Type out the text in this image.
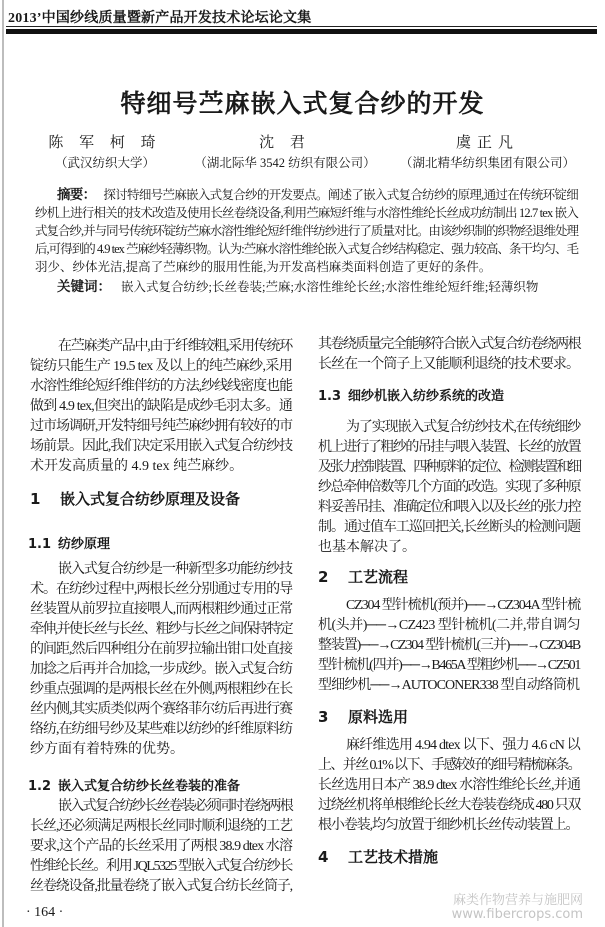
2013’中国纱线质量暨新产品开发技术论坛论文集
特细号苎麻嵌入式复合纱的开发
陈 军 柯 琦	沈 君	虞正凡
（武汉纺织大学）	（湖北际华 3542 纺织有限公司）	（湖北精华纺织集团有限公司）
摘要： 探讨特细号苎麻嵌入式复合纱的开发要点。阐述了嵌入式复合纺纱的原理,通过在传统环锭细
纱机上进行相关的技术改造及使用长丝卷绕设备,利用苎麻短纤维与水溶性维纶长丝成功纺制出 12.7 tex 嵌入
式复合纱,并与同号传统环锭纺苎麻水溶性维纶短纤维伴纺纱进行了质量对比。由该纱织制的织物经退维处理
后,可得到的 4.9 tex 苎麻纱轻薄织物。认为:苎麻水溶性维纶嵌入式复合纱结构稳定、强力较高、条干均匀、毛
羽少、纱体光洁,提高了苎麻纱的服用性能,为开发高档麻类面料创造了更好的条件。
关键词： 嵌入式复合纺纱;长丝卷装;苎麻;水溶性维纶长丝;水溶性维纶短纤维;轻薄织物
在苎麻类产品中,由于纤维较粗,采用传统环
锭纺只能生产 19.5 tex 及以上的纯苎麻纱,采用
水溶性维纶短纤维伴纺的方法,纱线线密度也能
做到 4.9 tex,但突出的缺陷是成纱毛羽太多。通
过市场调研,开发特细号纯苎麻纱拥有较好的市
场前景。因此,我们决定采用嵌入式复合纺纱技
术开发高质量的 4.9 tex 纯苎麻纱。
1 嵌入式复合纺纱原理及设备
1.1 纺纱原理
嵌入式复合纺纱是一种新型多功能纺纱技
术。在纺纱过程中,两根长丝分别通过专用的导
丝装置从前罗拉直接喂人,而两根粗纱通过正常
牵伸,并使长丝与长丝、粗纱与长丝之间保持特定
的间距,然后四种组分在前罗拉输出钳口处直接
加捻之后再并合加捻,一步成纱。嵌入式复合纺
纱重点强调的是两根长丝在外侧,两根粗纱在长
丝内侧,其实质类似两个赛络菲尔纺后再进行赛
络纺,在纺细号纱及某些难以纺纱的纤维原料纺
纱方面有着特殊的优势。
1.2 嵌入式复合纺纱长丝卷装的准备
嵌入式复合纺纱长丝卷装必须同时卷绕两根
长丝,还必须满足两根长丝同时顺利退绕的工艺
要求,这个产品的长丝采用了两根 38.9 dtex 水溶
性维纶长丝。利用 JQL5325 型嵌入式复合纺纱长
丝卷绕设备,批量卷绕了嵌入式复合纺长丝筒子,
· 164 ·
其卷绕质量完全能够符合嵌入式复合纺卷绕两根
长丝在一个筒子上又能顺利退绕的技术要求。
1.3 细纱机嵌入纺纱系统的改造
为了实现嵌入式复合纺纱技术,在传统细纱
机上进行了粗纱的吊挂与喂入装置、长丝的放置
及张力控制装置、四种原料的定位、检测装置和细
纱总牵伸倍数等几个方面的改造。实现了多种原
料妥善吊挂、准确定位和喂入以及长丝的张力控
制。通过值车工巡回把关,长丝断头的检测问题
也基本解决了。
2 工艺流程
CZ304 型针梳机(预并)──→CZ304A 型针梳
机(头并)──→CZ423 型针梳机(二并,带自调匀
整装置)──→CZ304 型针梳机(三并)──→CZ304B
型针梳机(四并)──→B465A 型粗纱机──→CZ501
型细纱机──→AUTOCONER338 型自动络筒机
3 原料选用
麻纤维选用 4.94 dtex 以下、强力 4.6 cN 以
上、并丝 0.1% 以下、手感较好的细号精梳麻条。
长丝选用日本产 38.9 dtex 水溶性维纶长丝,并通
过绕丝机将单根维纶长丝大卷装卷绕成 480 只双
根小卷装,均匀放置于细纱机长丝传动装置上。
4 工艺技术措施
麻类作物营养与施肥网
www.fibercrops.com
